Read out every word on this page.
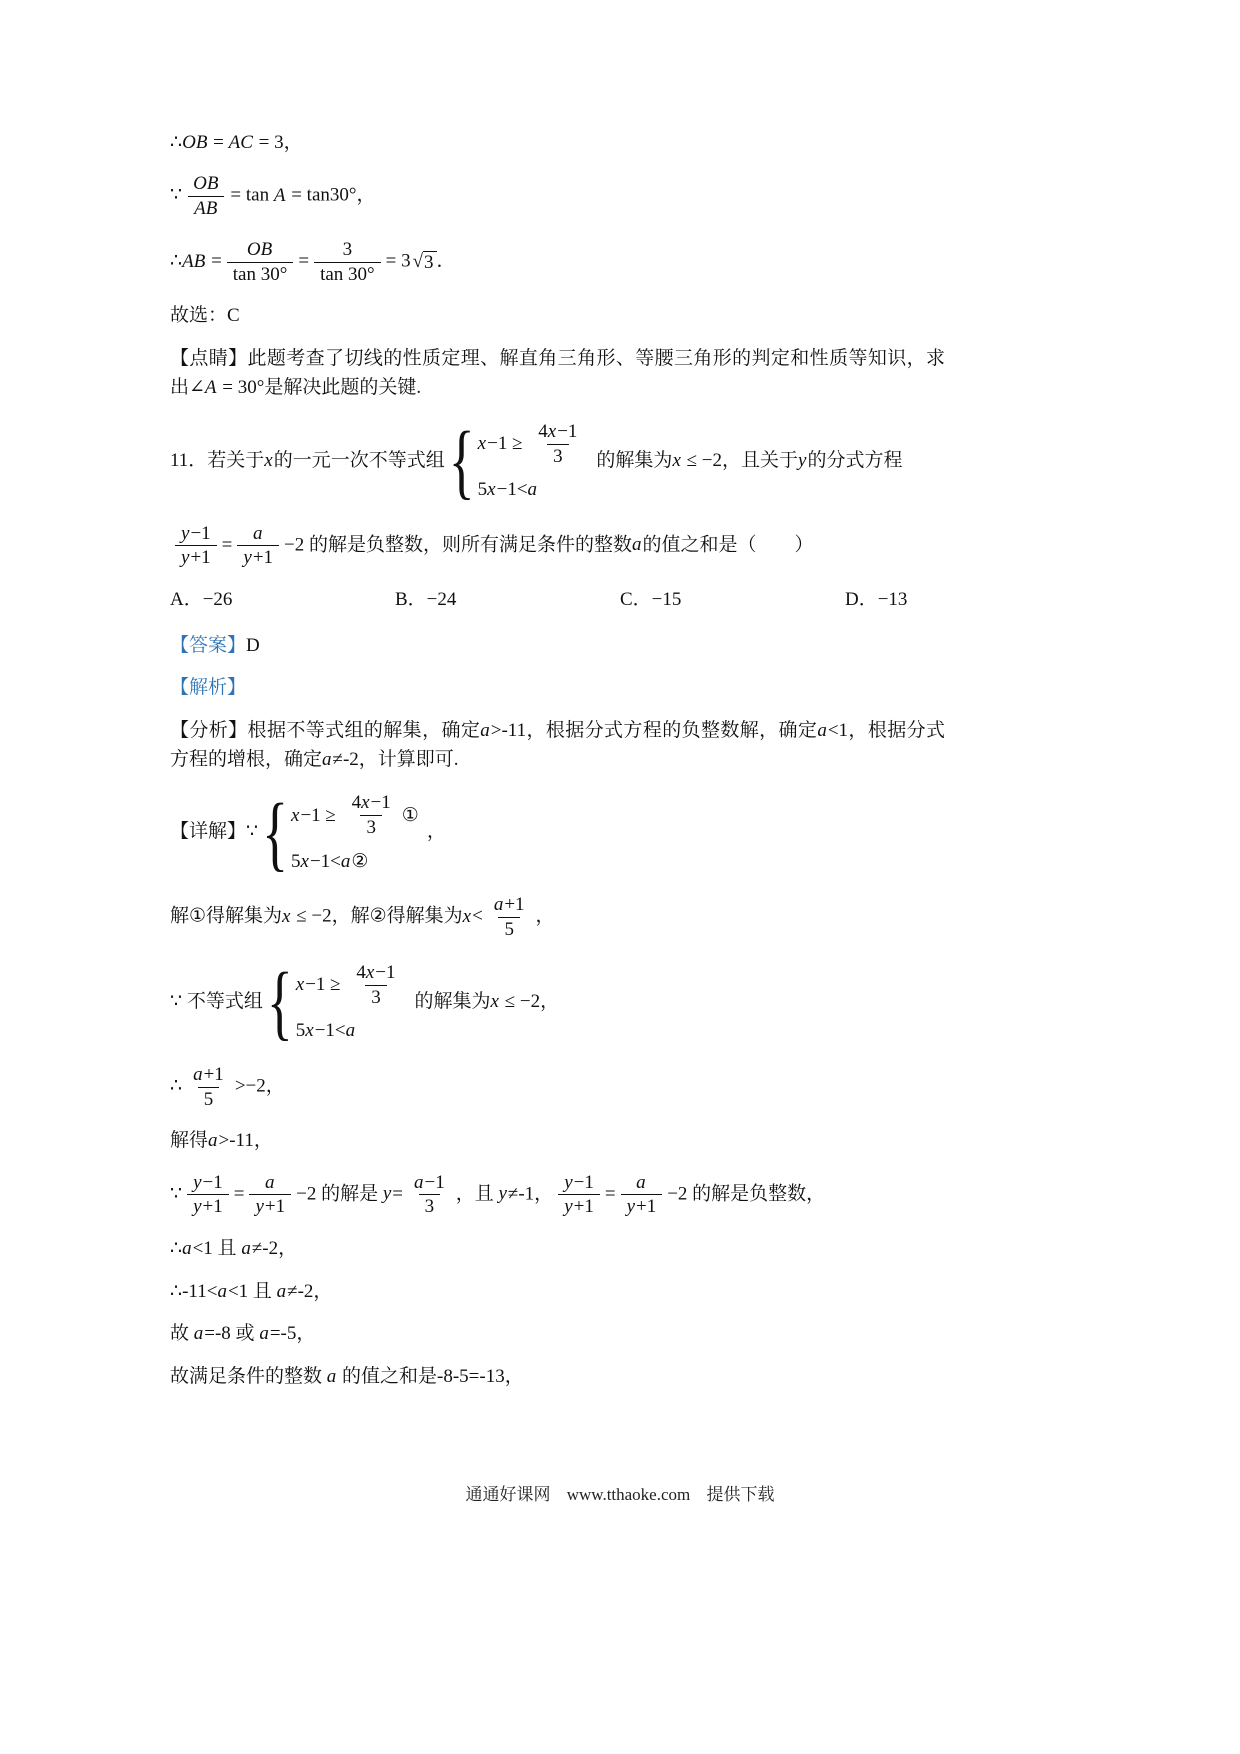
∴OB = AC = 3，

∵ $\frac{OB}{AB} = \tan A = \tan 30^\circ$，

∴AB = $\frac{OB}{\tan 30^\circ} = \frac{3}{\tan 30^\circ} = 3$ √ 3 ．

故选：C

【点睛】此题考查了切线的性质定理、解直角三角形、等腰三角形的判定和性质等知识，求出∠A = 30°是解决此题的关键.

11．若关于x的一元一次不等式组 { $x -1 \ge \frac{4x-1}{3}$
5 x −1< a
的解集为x ≤ −2，且关于y的分式方程

$\frac{y-1}{y+1} = \frac{a}{y+1} -2$ 的解是负整数，则所有满足条件的整数a的值之和是（　　）

A．−26	B．−24	C．−15	D．−13

【答案】D

【解析】

【分析】根据不等式组的解集，确定a>-11，根据分式方程的负整数解，确定a<1，根据分式方程的增根，确定a≠-2，计算即可.

【详解】∵ { $x -1 \ge \frac{4x-1}{3}$ ①
5 x −1< a ②
，

解①得解集为x ≤ −2，解②得解集为$x< \frac{a+1}{5}$ ，

∵ 不等式组 { $x -1 \ge \frac{4x-1}{3}$
5 x −1< a
的解集为x ≤ −2，

∴ $\frac{a+1}{5} >-2$，

解得a>-11，

∵ $\frac{y-1}{y+1} = \frac{a}{y+1} -2$ 的解是 $y= \frac{a-1}{3}$ ，且 y≠-1， $\frac{y-1}{y+1} = \frac{a}{y+1} -2$ 的解是负整数，

∴a<1 且 a≠-2，

∴-11<a<1 且 a≠-2，

故 a=-8 或 a=-5，

故满足条件的整数 a 的值之和是-8-5=-13，

通通好课网 www.tthaoke.com 提供下载
